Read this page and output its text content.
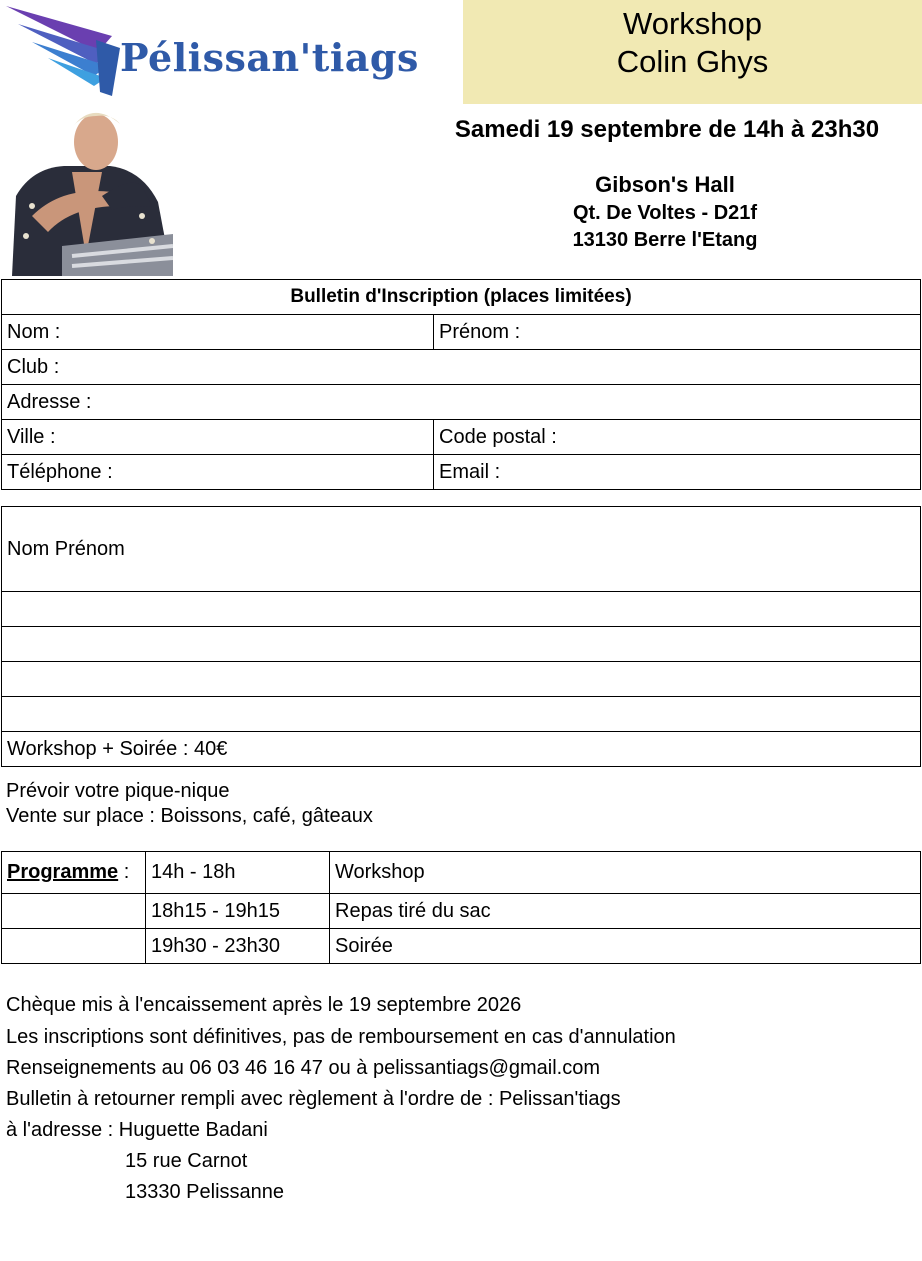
Pélissan'tiags
Workshop
Colin Ghys
Samedi 19 septembre de 14h à 23h30
Gibson's Hall
Qt. De Voltes - D21f
13130 Berre l'Etang
Bulletin d'Inscription (places limitées)	
Nom :	Prénom :
Club :	
Adresse :	
Ville :	Code postal :
Téléphone :	Email :
Nom Prénom

Workshop + Soirée : 40€
Prévoir votre pique-nique
Vente sur place : Boissons, café, gâteaux
Programme :	14h - 18h	Workshop
	18h15 - 19h15	Repas tiré du sac
	19h30 - 23h30	Soirée
Chèque mis à l'encaissement après le 19 septembre 2026
Les inscriptions sont définitives, pas de remboursement en cas d'annulation
Renseignements au 06 03 46 16 47 ou à pelissantiags@gmail.com
Bulletin à retourner rempli avec règlement à l'ordre de : Pelissan'tiags
à l'adresse : Huguette Badani
15 rue Carnot
13330 Pelissanne
